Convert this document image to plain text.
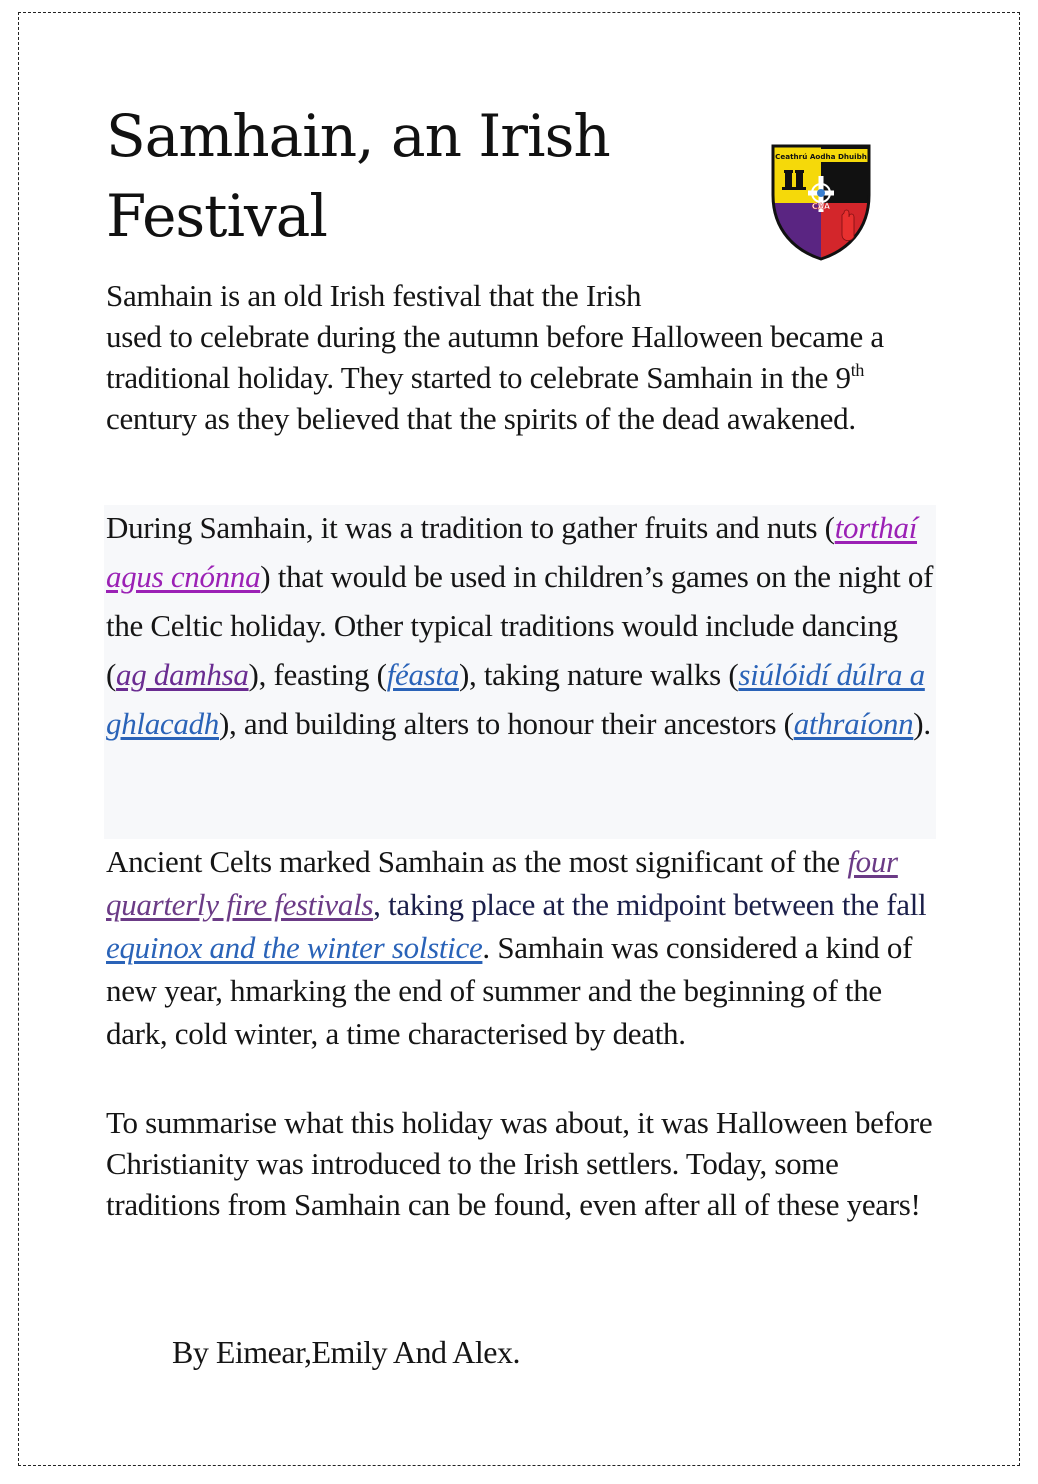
Samhain, an Irish Festival
Ceathrú Aodha Dhuibh
CAA

Samhain is an old Irish festival that the Irish
used to celebrate during the autumn before Halloween became a traditional holiday. They started to celebrate Samhain in the 9th century as they believed that the spirits of the dead awakened.

During Samhain, it was a tradition to gather fruits and nuts (torthaí agus cnónna) that would be used in children’s games on the night of the Celtic holiday. Other typical traditions would include dancing (ag damhsa), feasting (féasta), taking nature walks (siúlóidí dúlra a ghlacadh), and building alters to honour their ancestors (athraíonn).

Ancient Celts marked Samhain as the most significant of the four quarterly fire festivals, taking place at the midpoint between the fall equinox and the winter solstice. Samhain was considered a kind of new year, hmarking the end of summer and the beginning of the dark, cold winter, a time characterised by death.

To summarise what this holiday was about, it was Halloween before Christianity was introduced to the Irish settlers. Today, some traditions from Samhain can be found, even after all of these years!

By Eimear,Emily And Alex.
